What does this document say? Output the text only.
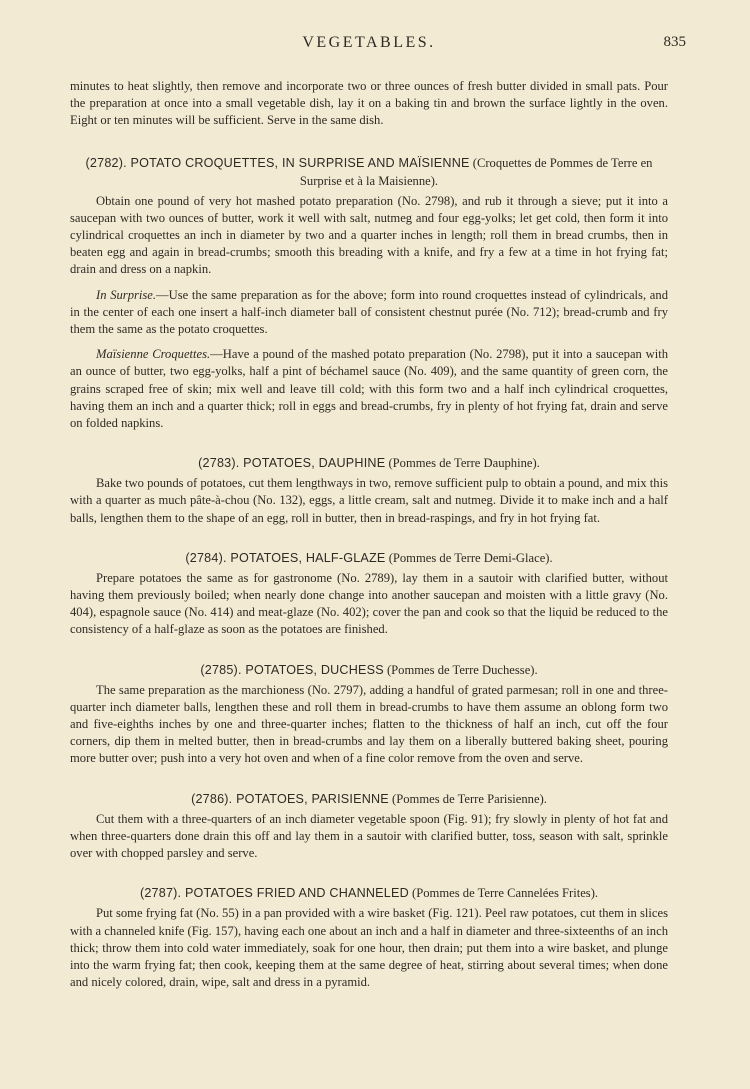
VEGETABLES.	835

minutes to heat slightly, then remove and incorporate two or three ounces of fresh butter divided in small pats. Pour the preparation at once into a small vegetable dish, lay it on a baking tin and brown the surface lightly in the oven. Eight or ten minutes will be sufficient. Serve in the same dish.

(2782). POTATO CROQUETTES, IN SURPRISE AND MAÏSIENNE (Croquettes de Pommes de Terre en Surprise et à la Maisienne).

Obtain one pound of very hot mashed potato preparation (No. 2798), and rub it through a sieve; put it into a saucepan with two ounces of butter, work it well with salt, nutmeg and four egg-yolks; let get cold, then form it into cylindrical croquettes an inch in diameter by two and a quarter inches in length; roll them in bread crumbs, then in beaten egg and again in bread-crumbs; smooth this breading with a knife, and fry a few at a time in hot frying fat; drain and dress on a napkin.

In Surprise.—Use the same preparation as for the above; form into round croquettes instead of cylindricals, and in the center of each one insert a half-inch diameter ball of consistent chestnut purée (No. 712); bread-crumb and fry them the same as the potato croquettes.

Maïsienne Croquettes.—Have a pound of the mashed potato preparation (No. 2798), put it into a saucepan with an ounce of butter, two egg-yolks, half a pint of béchamel sauce (No. 409), and the same quantity of green corn, the grains scraped free of skin; mix well and leave till cold; with this form two and a half inch cylindrical croquettes, having them an inch and a quarter thick; roll in eggs and bread-crumbs, fry in plenty of hot frying fat, drain and serve on folded napkins.

(2783). POTATOES, DAUPHINE (Pommes de Terre Dauphine).

Bake two pounds of potatoes, cut them lengthways in two, remove sufficient pulp to obtain a pound, and mix this with a quarter as much pâte-à-chou (No. 132), eggs, a little cream, salt and nutmeg. Divide it to make inch and a half balls, lengthen them to the shape of an egg, roll in butter, then in bread-raspings, and fry in hot frying fat.

(2784). POTATOES, HALF-GLAZE (Pommes de Terre Demi-Glace).

Prepare potatoes the same as for gastronome (No. 2789), lay them in a sautoir with clarified butter, without having them previously boiled; when nearly done change into another saucepan and moisten with a little gravy (No. 404), espagnole sauce (No. 414) and meat-glaze (No. 402); cover the pan and cook so that the liquid be reduced to the consistency of a half-glaze as soon as the potatoes are finished.

(2785). POTATOES, DUCHESS (Pommes de Terre Duchesse).

The same preparation as the marchioness (No. 2797), adding a handful of grated parmesan; roll in one and three-quarter inch diameter balls, lengthen these and roll them in bread-crumbs to have them assume an oblong form two and five-eighths inches by one and three-quarter inches; flatten to the thickness of half an inch, cut off the four corners, dip them in melted butter, then in bread-crumbs and lay them on a liberally buttered baking sheet, pouring more butter over; push into a very hot oven and when of a fine color remove from the oven and serve.

(2786). POTATOES, PARISIENNE (Pommes de Terre Parisienne).

Cut them with a three-quarters of an inch diameter vegetable spoon (Fig. 91); fry slowly in plenty of hot fat and when three-quarters done drain this off and lay them in a sautoir with clarified butter, toss, season with salt, sprinkle over with chopped parsley and serve.

(2787). POTATOES FRIED AND CHANNELED (Pommes de Terre Cannelées Frites).

Put some frying fat (No. 55) in a pan provided with a wire basket (Fig. 121). Peel raw potatoes, cut them in slices with a channeled knife (Fig. 157), having each one about an inch and a half in diameter and three-sixteenths of an inch thick; throw them into cold water immediately, soak for one hour, then drain; put them into a wire basket, and plunge into the warm frying fat; then cook, keeping them at the same degree of heat, stirring about several times; when done and nicely colored, drain, wipe, salt and dress in a pyramid.
